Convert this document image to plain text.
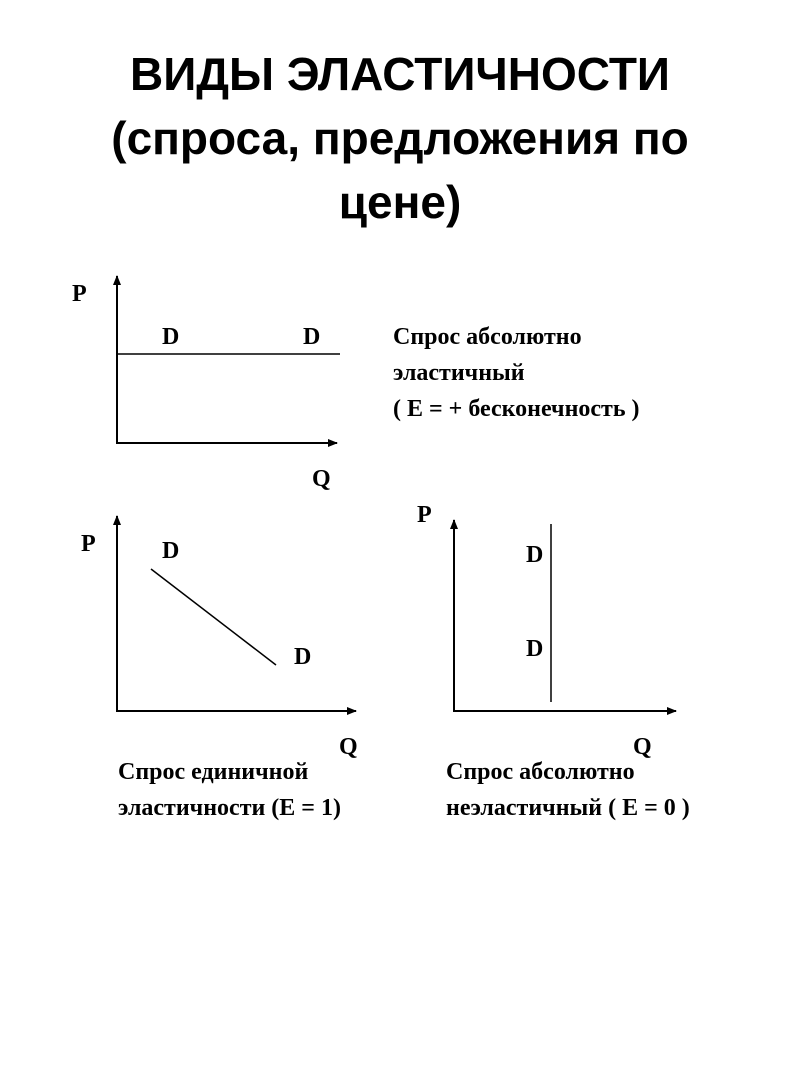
ВИДЫ ЭЛАСТИЧНОСТИ
(спроса, предложения по
цене)
P
Q
D	D	Спрос абсолютно
эластичный
( Е = + бесконечность )
P
Q
D
D
Спрос единичной
эластичности (Е = 1)
P
Q
D
D
Спрос абсолютно
неэластичный ( Е = 0 )
